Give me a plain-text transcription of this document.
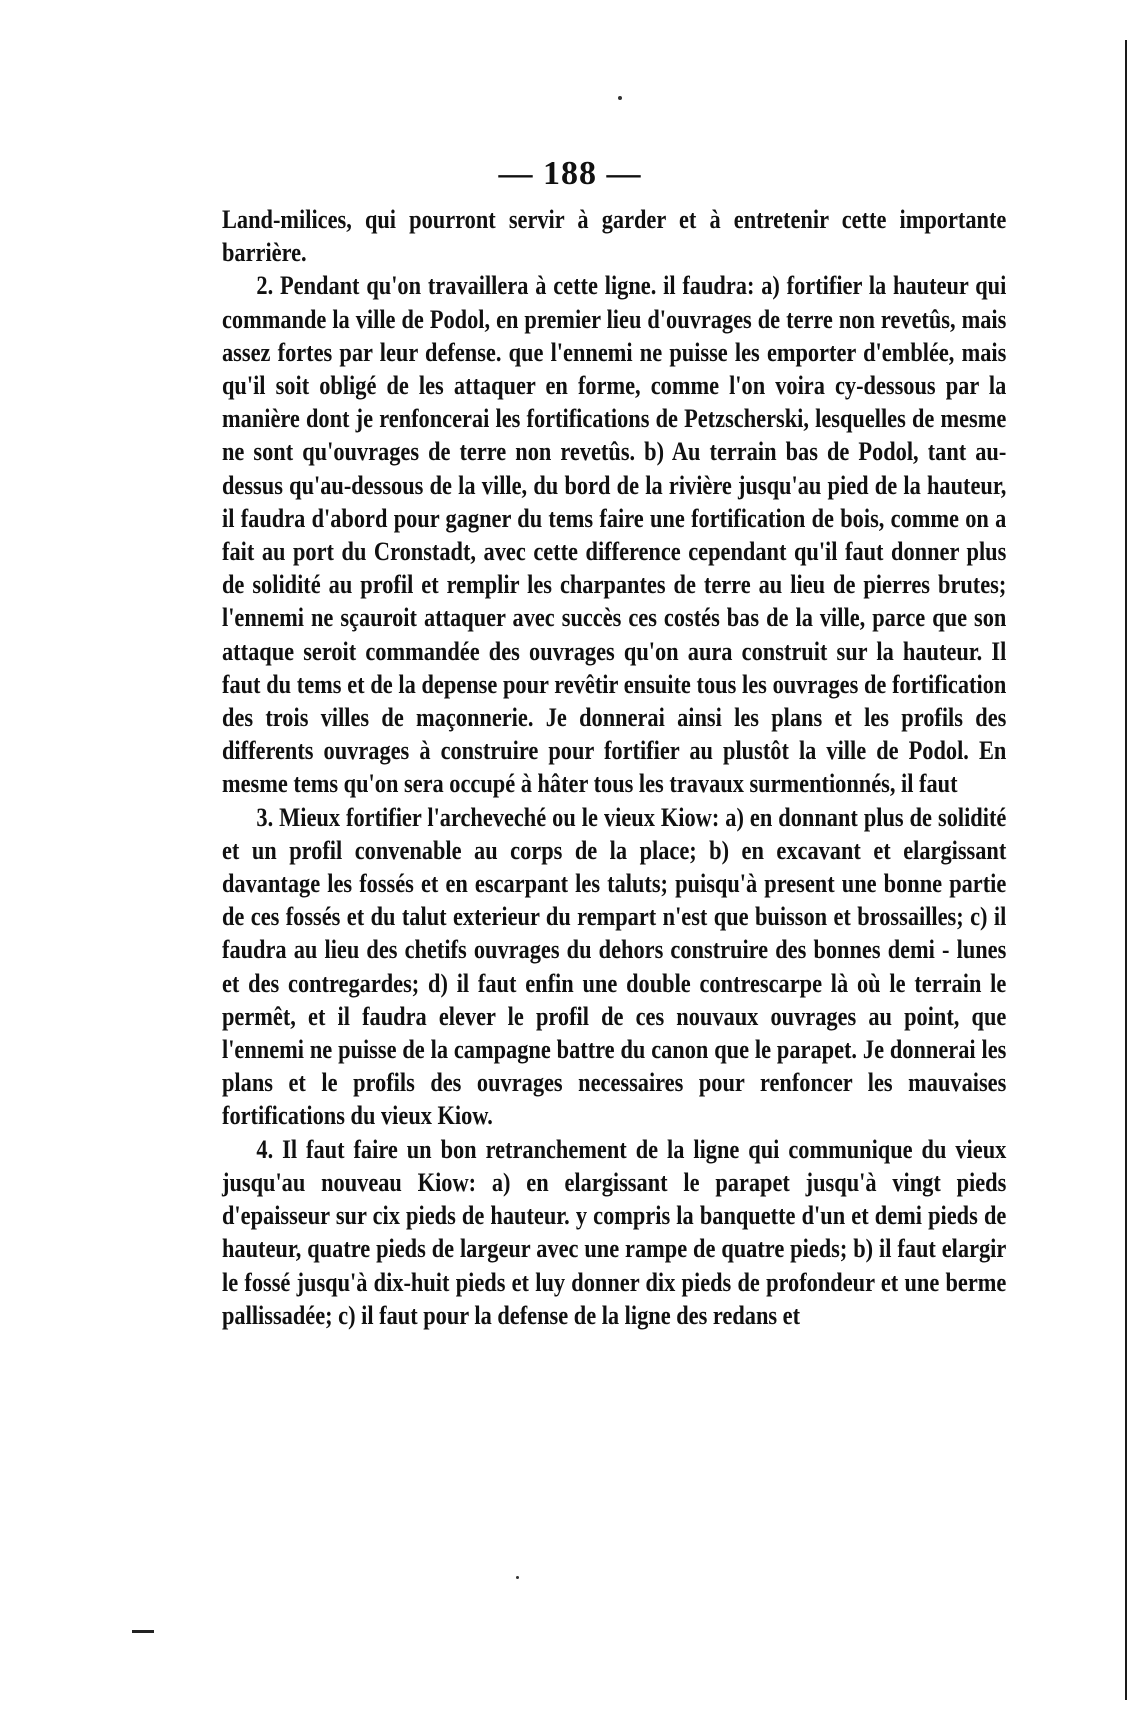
— 188 —

Land-milices, qui pourront servir à garder et à entretenir cette importante barrière.

2. Pendant qu'on travaillera à cette ligne. il faudra: a) fortifier la hauteur qui commande la ville de Podol, en premier lieu d'ouvrages de terre non revetûs, mais assez fortes par leur defense. que l'ennemi ne puisse les emporter d'emblée, mais qu'il soit obligé de les attaquer en forme, comme l'on voira cy-dessous par la manière dont je renfoncerai les fortifications de Petzscherski, lesquelles de mesme ne sont qu'ouvrages de terre non revetûs. b) Au terrain bas de Podol, tant au-dessus qu'au-dessous de la ville, du bord de la rivière jusqu'au pied de la hauteur, il faudra d'abord pour gagner du tems faire une fortification de bois, comme on a fait au port du Cronstadt, avec cette difference cependant qu'il faut donner plus de solidité au profil et remplir les charpantes de terre au lieu de pierres brutes; l'ennemi ne sçauroit attaquer avec succès ces costés bas de la ville, parce que son attaque seroit commandée des ouvrages qu'on aura construit sur la hauteur. Il faut du tems et de la depense pour revêtir ensuite tous les ouvrages de fortification des trois villes de maçonnerie. Je donnerai ainsi les plans et les profils des differents ouvrages à construire pour fortifier au plustôt la ville de Podol. En mesme tems qu'on sera occupé à hâter tous les travaux surmentionnés, il faut

3. Mieux fortifier l'archeveché ou le vieux Kiow: a) en donnant plus de solidité et un profil convenable au corps de la place; b) en excavant et elargissant davantage les fossés et en escarpant les taluts; puisqu'à present une bonne partie de ces fossés et du talut exterieur du rempart n'est que buisson et brossailles; c) il faudra au lieu des chetifs ouvrages du dehors construire des bonnes demi - lunes et des contregardes; d) il faut enfin une double contrescarpe là où le terrain le permêt, et il faudra elever le profil de ces nouvaux ouvrages au point, que l'ennemi ne puisse de la campagne battre du canon que le parapet. Je donnerai les plans et le profils des ouvrages necessaires pour renfoncer les mauvaises fortifications du vieux Kiow.

4. Il faut faire un bon retranchement de la ligne qui communique du vieux jusqu'au nouveau Kiow: a) en elargissant le parapet jusqu'à vingt pieds d'epaisseur sur cix pieds de hauteur. y compris la banquette d'un et demi pieds de hauteur, quatre pieds de largeur avec une rampe de quatre pieds; b) il faut elargir le fossé jusqu'à dix-huit pieds et luy donner dix pieds de profondeur et une berme pallissadée; c) il faut pour la defense de la ligne des redans et
